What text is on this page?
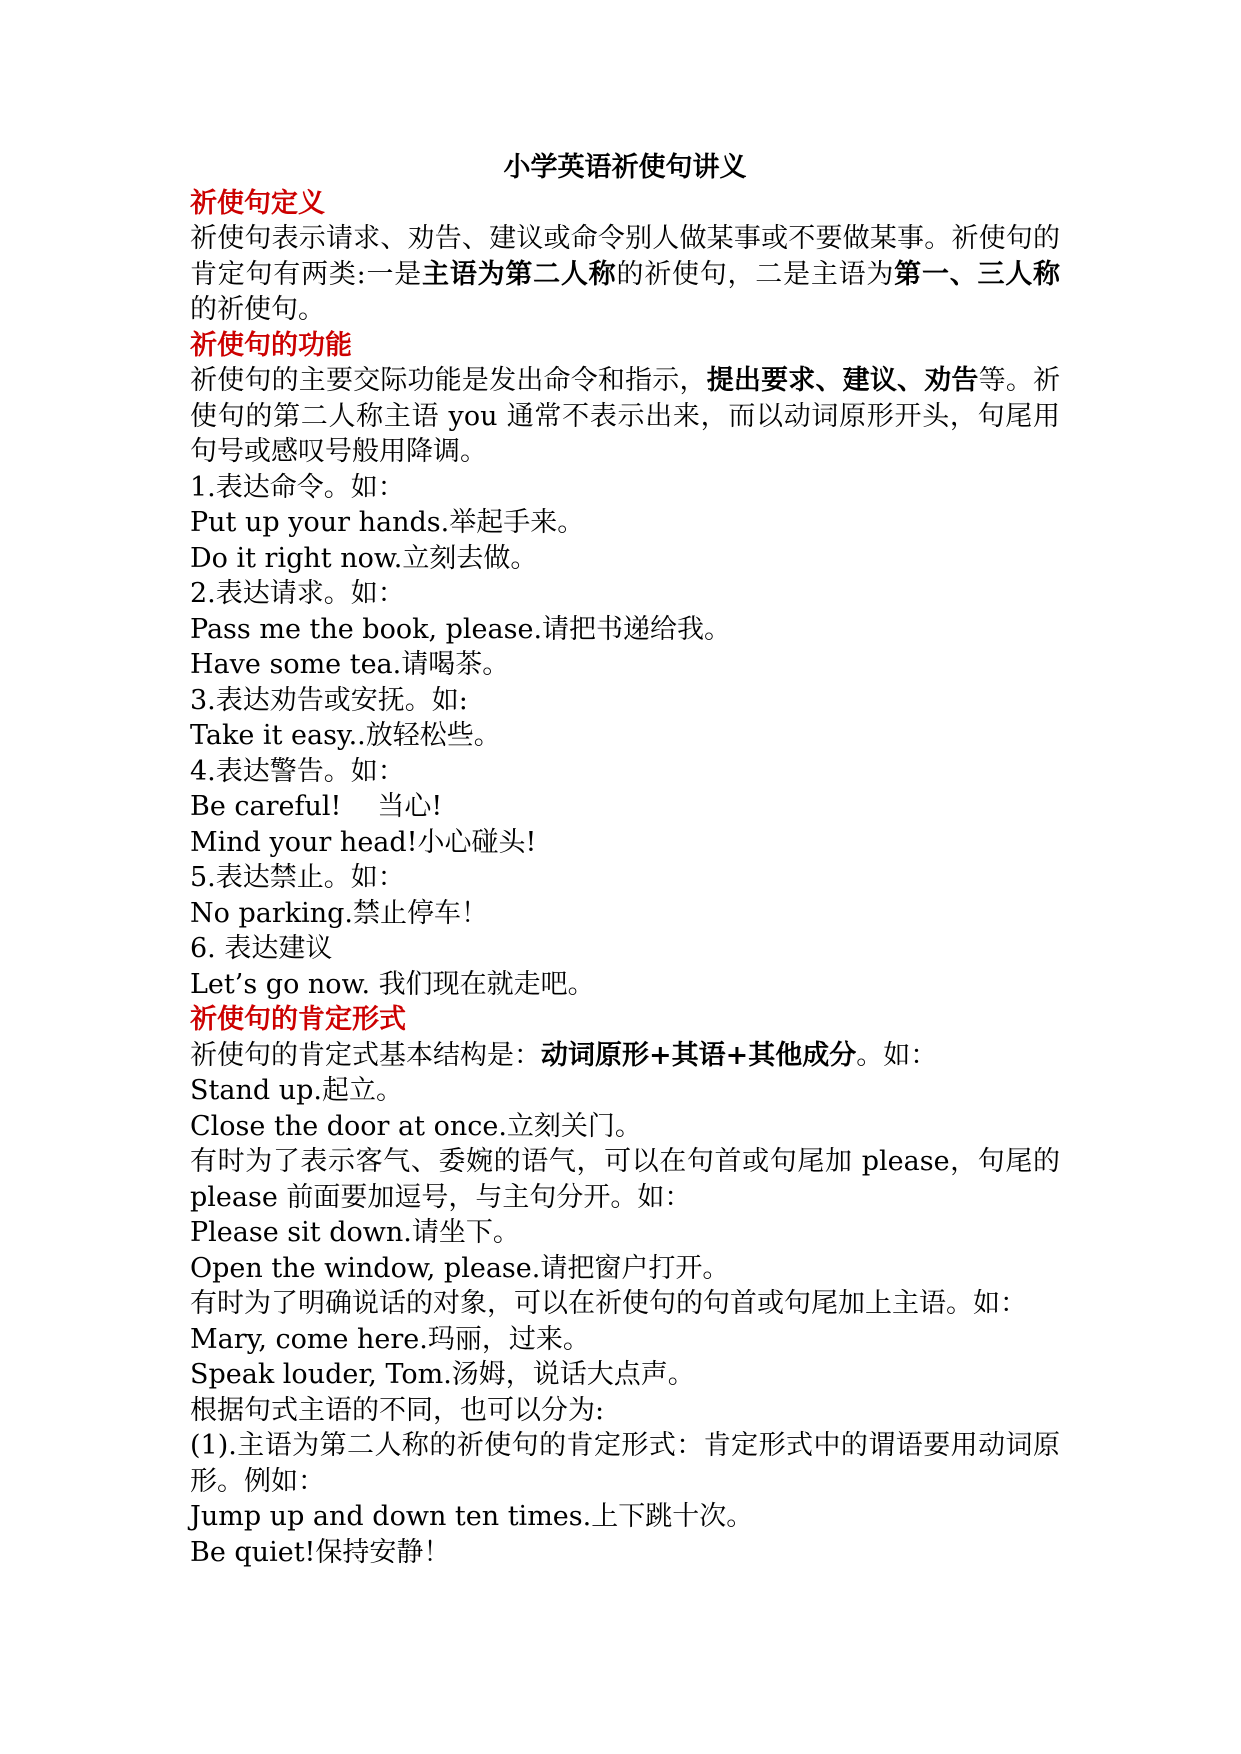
小学英语祈使句讲义
祈使句定义
祈使句表示请求、劝告、建议或命令别人做某事或不要做某事。祈使句的肯定句有两类:一是主语为第二人称的祈使句，二是主语为第一、三人称的祈使句。
祈使句的功能
祈使句的主要交际功能是发出命令和指示，提出要求、建议、劝告等。祈使句的第二人称主语 you 通常不表示出来，而以动词原形开头，句尾用句号或感叹号般用降调。
1.表达命令。如：
Put up your hands.举起手来。
Do it right now.立刻去做。
2.表达请求。如：
Pass me the book, please.请把书递给我。
Have some tea.请喝茶。
3.表达劝告或安抚。如:
Take it easy..放轻松些。
4.表达警告。如：
Be careful! 当心!
Mind your head!小心碰头!
5.表达禁止。如：
No parking.禁止停车！
6. 表达建议
Let’s go now. 我们现在就走吧。
祈使句的肯定形式
祈使句的肯定式基本结构是：动词原形+其语+其他成分。如：
Stand up.起立。
Close the door at once.立刻关门。
有时为了表示客气、委婉的语气，可以在句首或句尾加 please，句尾的 please 前面要加逗号，与主句分开。如：
Please sit down.请坐下。
Open the window, please.请把窗户打开。
有时为了明确说话的对象，可以在祈使句的句首或句尾加上主语。如：
Mary, come here.玛丽，过来。
Speak louder, Tom.汤姆，说话大点声。
根据句式主语的不同，也可以分为:
(1).主语为第二人称的祈使句的肯定形式：肯定形式中的谓语要用动词原形。例如：
Jump up and down ten times.上下跳十次。
Be quiet!保持安静！
